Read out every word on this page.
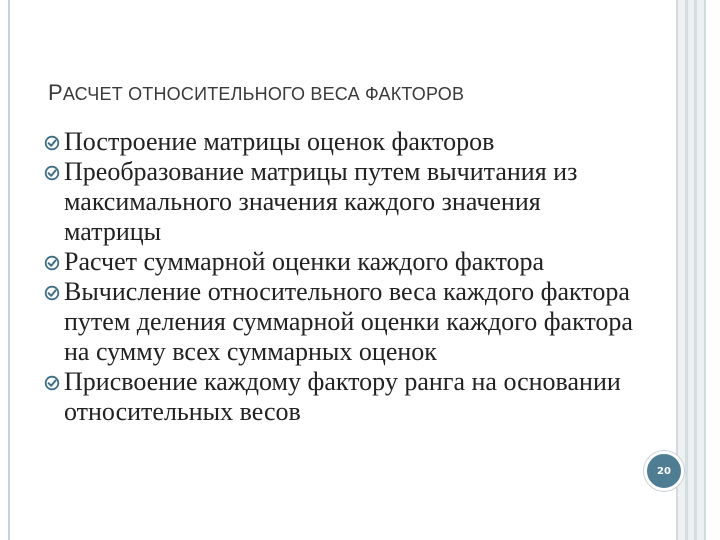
РАСЧЕТ ОТНОСИТЕЛЬНОГО ВЕСА ФАКТОРОВ
Построение матрицы оценок факторов
Преобразование матрицы путем вычитания из максимального значения каждого значения матрицы
Расчет суммарной оценки каждого фактора
Вычисление относительного веса каждого фактора путем деления суммарной оценки каждого фактора на сумму всех суммарных оценок
Присвоение каждому фактору ранга на основании относительных весов
20
